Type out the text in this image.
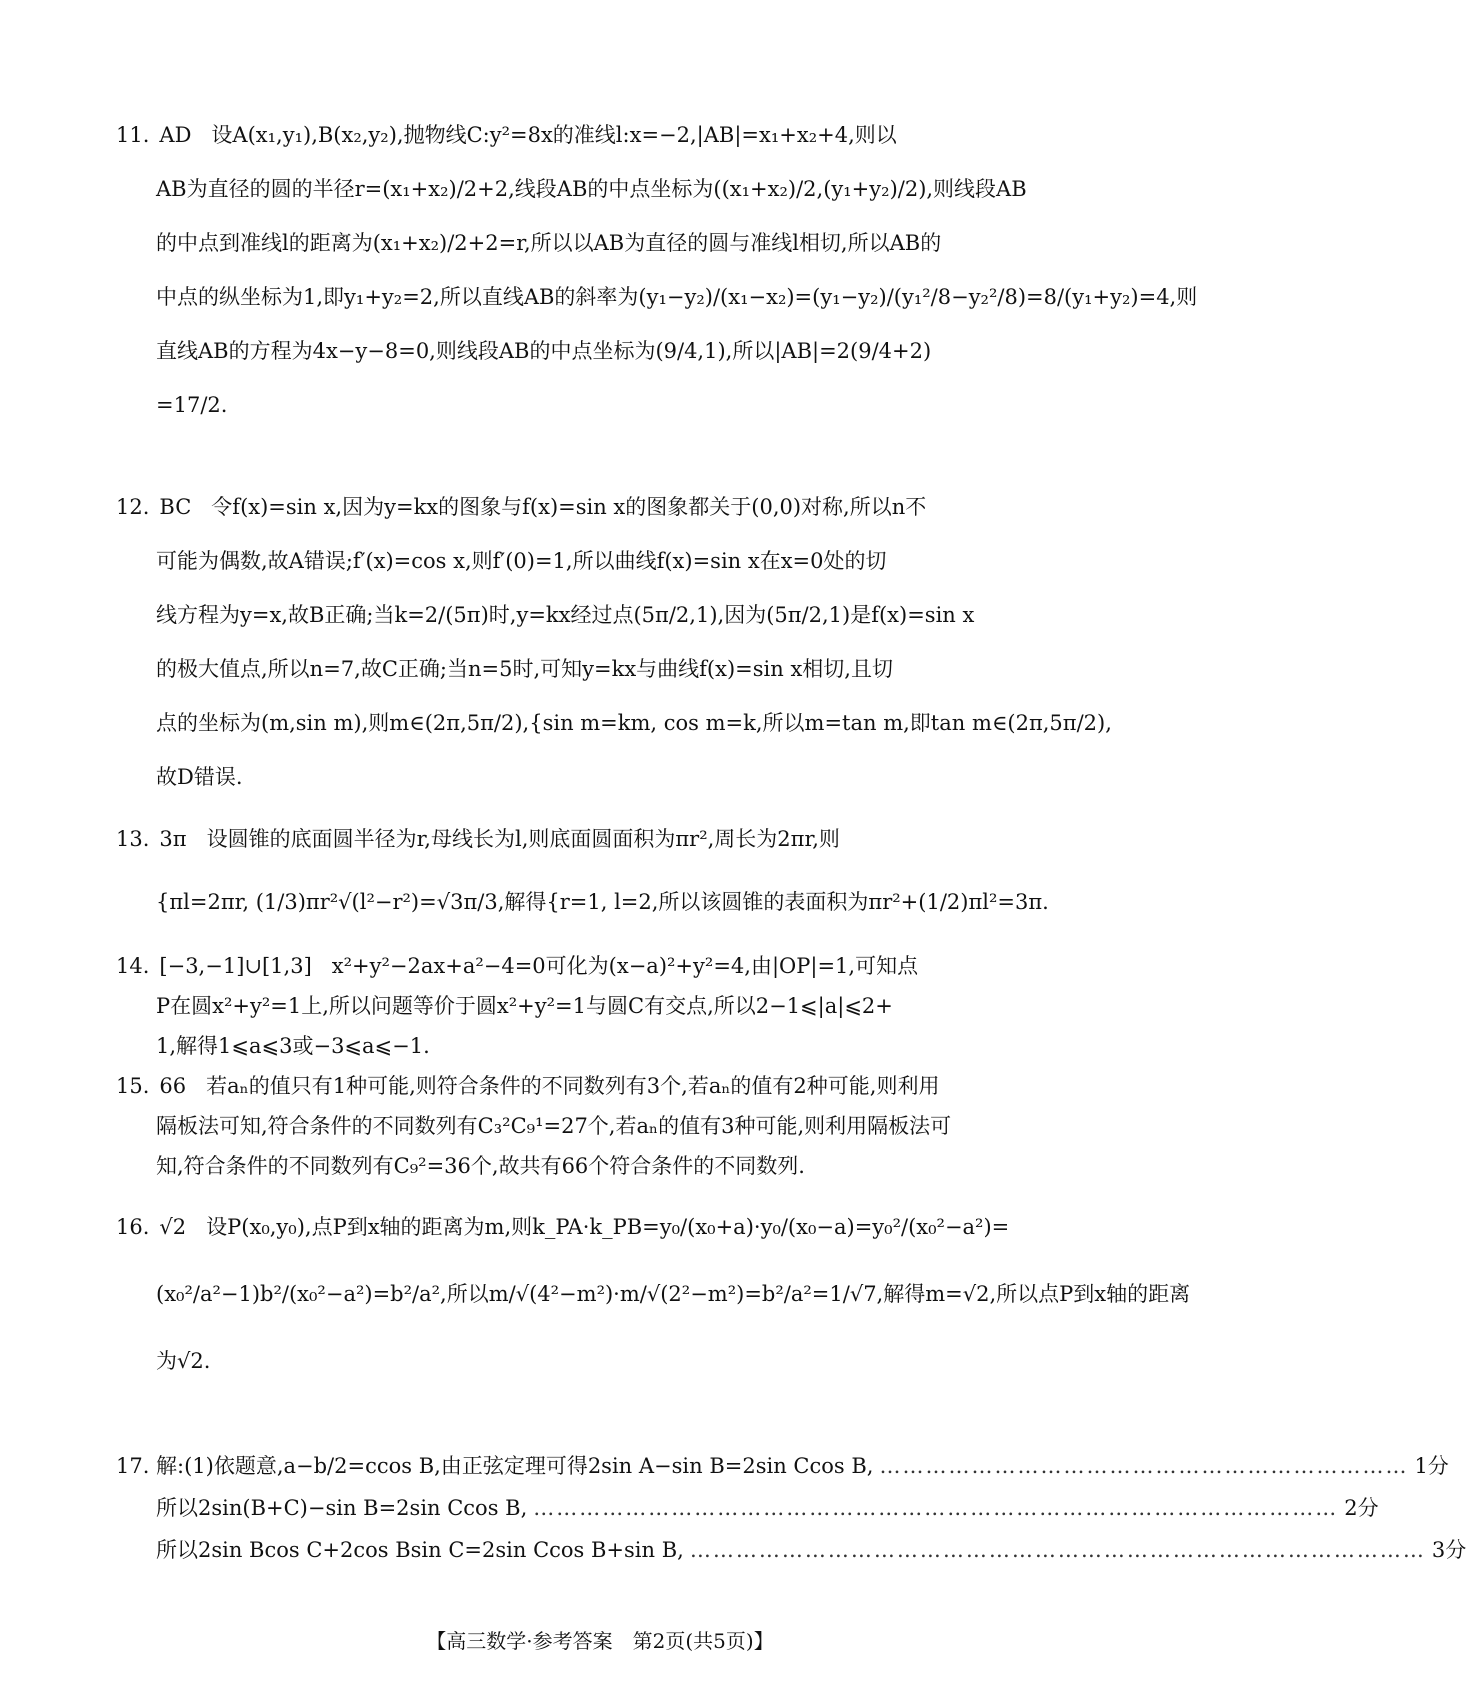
11. AD 设A(x₁,y₁),B(x₂,y₂),抛物线C:y²=8x的准线l:x=−2,|AB|=x₁+x₂+4,则以
AB为直径的圆的半径r=(x₁+x₂)/2+2,线段AB的中点坐标为((x₁+x₂)/2,(y₁+y₂)/2),则线段AB
的中点到准线l的距离为(x₁+x₂)/2+2=r,所以以AB为直径的圆与准线l相切,所以AB的
中点的纵坐标为1,即y₁+y₂=2,所以直线AB的斜率为(y₁−y₂)/(x₁−x₂)=(y₁−y₂)/(y₁²/8−y₂²/8)=8/(y₁+y₂)=4,则
直线AB的方程为4x−y−8=0,则线段AB的中点坐标为(9/4,1),所以|AB|=2(9/4+2)
=17/2.
12. BC 令f(x)=sin x,因为y=kx的图象与f(x)=sin x的图象都关于(0,0)对称,所以n不
可能为偶数,故A错误;f′(x)=cos x,则f′(0)=1,所以曲线f(x)=sin x在x=0处的切
线方程为y=x,故B正确;当k=2/(5π)时,y=kx经过点(5π/2,1),因为(5π/2,1)是f(x)=sin x
的极大值点,所以n=7,故C正确;当n=5时,可知y=kx与曲线f(x)=sin x相切,且切
点的坐标为(m,sin m),则m∈(2π,5π/2),{sin m=km, cos m=k,所以m=tan m,即tan m∈(2π,5π/2),
故D错误.
13. 3π 设圆锥的底面圆半径为r,母线长为l,则底面圆面积为πr²,周长为2πr,则
{πl=2πr, (1/3)πr²√(l²−r²)=√3π/3,解得{r=1, l=2,所以该圆锥的表面积为πr²+(1/2)πl²=3π.
14. [−3,−1]∪[1,3] x²+y²−2ax+a²−4=0可化为(x−a)²+y²=4,由|OP|=1,可知点
P在圆x²+y²=1上,所以问题等价于圆x²+y²=1与圆C有交点,所以2−1⩽|a|⩽2+
1,解得1⩽a⩽3或−3⩽a⩽−1.
15. 66 若aₙ的值只有1种可能,则符合条件的不同数列有3个,若aₙ的值有2种可能,则利用
隔板法可知,符合条件的不同数列有C₃²C₉¹=27个,若aₙ的值有3种可能,则利用隔板法可
知,符合条件的不同数列有C₉²=36个,故共有66个符合条件的不同数列.
16. √2 设P(x₀,y₀),点P到x轴的距离为m,则k_PA·k_PB=y₀/(x₀+a)·y₀/(x₀−a)=y₀²/(x₀²−a²)=
(x₀²/a²−1)b²/(x₀²−a²)=b²/a²,所以m/√(4²−m²)·m/√(2²−m²)=b²/a²=1/√7,解得m=√2,所以点P到x轴的距离
为√2.
17. 解:(1)依题意,a−b/2=ccos B,由正弦定理可得2sin A−sin B=2sin Ccos B, …………………………………………………………… 1分
所以2sin(B+C)−sin B=2sin Ccos B, …………………………………………………………………………………………… 2分
所以2sin Bcos C+2cos Bsin C=2sin Ccos B+sin B, …………………………………………………………………………………… 3分
【高三数学·参考答案　第2页(共5页)】
